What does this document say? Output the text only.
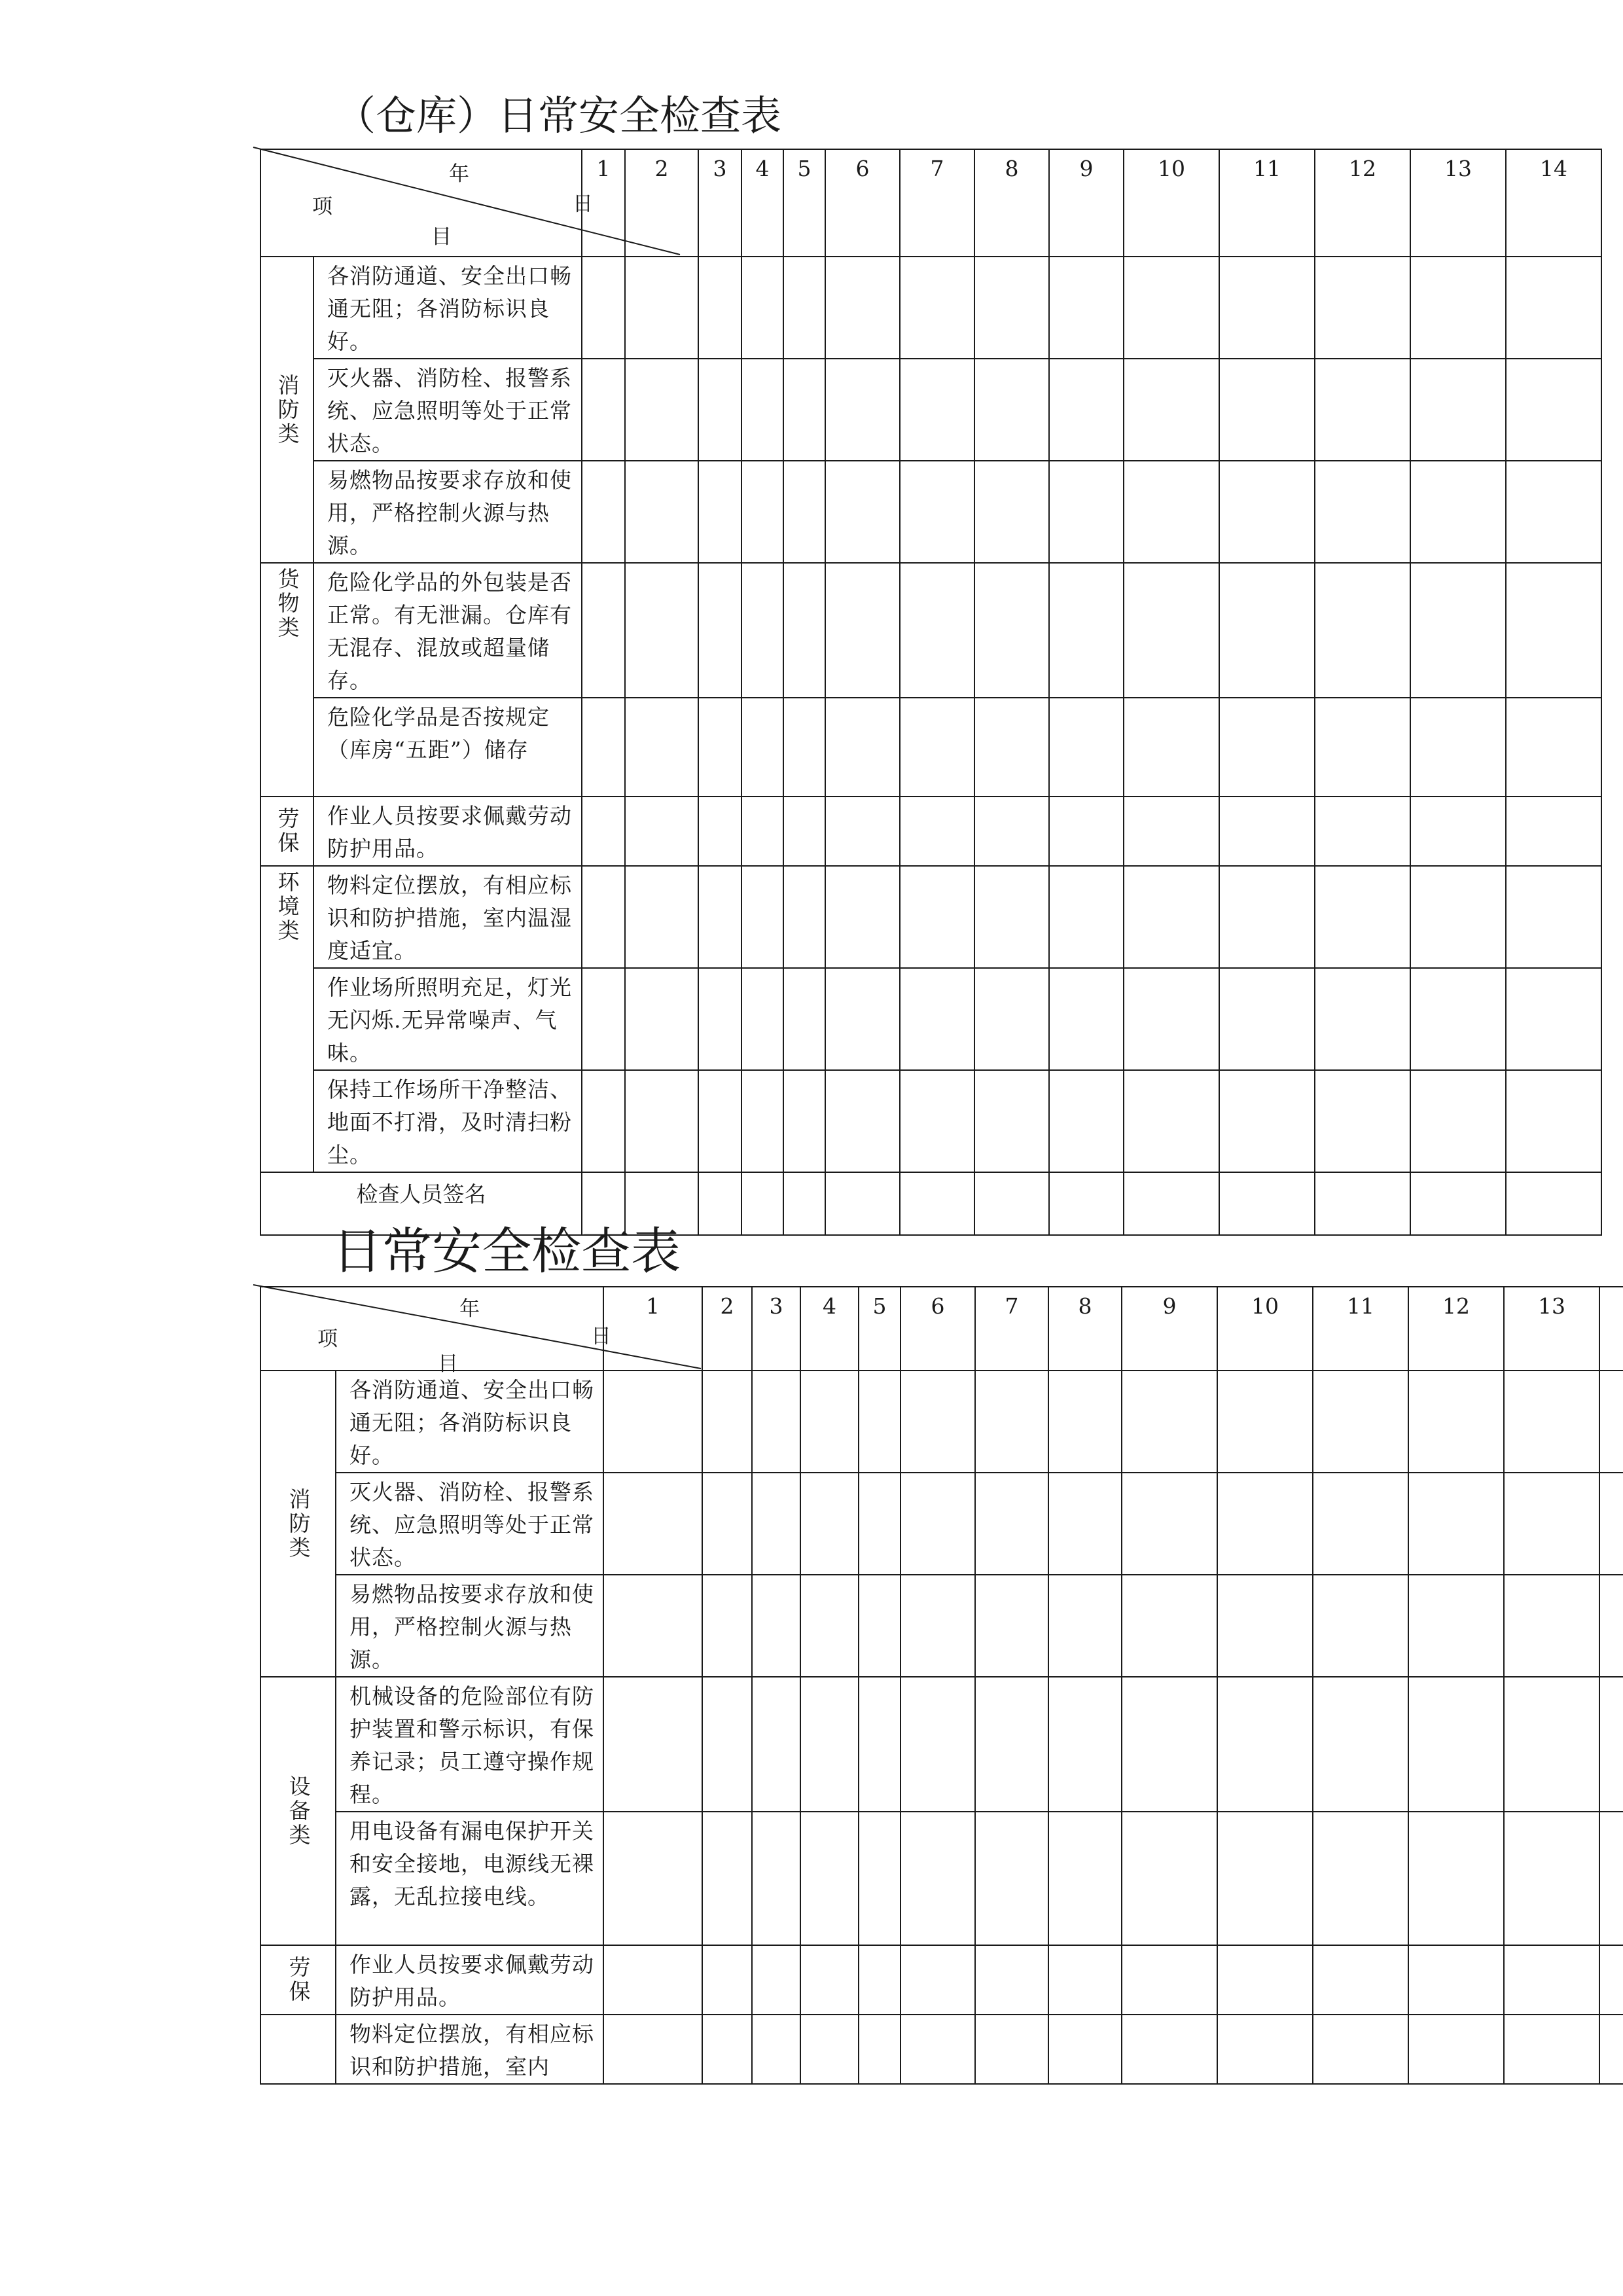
（仓库）日常安全检查表
年
日
项
目		1	2	3	4	5	6	7	8	9	10	11	12	13	14

消防类	各消防通道、安全出口畅通无阻；各消防标识良好。														
	灭火器、消防栓、报警系统、应急照明等处于正常状态。														
	易燃物品按要求存放和使用，严格控制火源与热源。														

货物类	危险化学品的外包装是否正常。有无泄漏。仓库有无混存、混放或超量储存。														
	危险化学品是否按规定（库房“五距”）储存														

劳保	作业人员按要求佩戴劳动防护用品。														

环境类	物料定位摆放，有相应标识和防护措施，室内温湿度适宜。														
	作业场所照明充足，灯光无闪烁.无异常噪声、气味。														
	保持工作场所干净整洁、地面不打滑，及时清扫粉尘。														
检查人员签名															
日常安全检查表
年
日
项
目		1	2	3	4	5	6	7	8	9	10	11	12	13	

消防类	各消防通道、安全出口畅通无阻；各消防标识良好。														
	灭火器、消防栓、报警系统、应急照明等处于正常状态。														
	易燃物品按要求存放和使用，严格控制火源与热源。														

设备类	机械设备的危险部位有防护装置和警示标识，有保养记录；员工遵守操作规程。														
	用电设备有漏电保护开关和安全接地，电源线无裸露，无乱拉接电线。														

劳保	作业人员按要求佩戴劳动防护用品。														

	物料定位摆放，有相应标识和防护措施，室内														
